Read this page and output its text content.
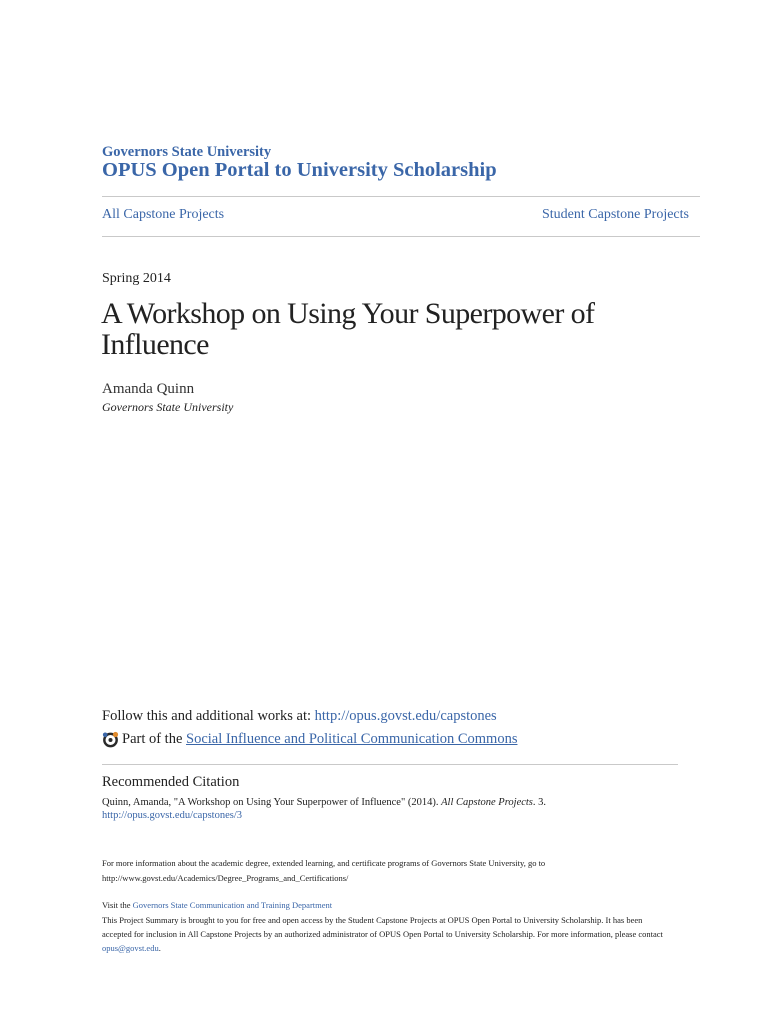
Governors State University
OPUS Open Portal to University Scholarship
All Capstone Projects	Student Capstone Projects
Spring 2014
A Workshop on Using Your Superpower of Influence
Amanda Quinn
Governors State University
Follow this and additional works at: http://opus.govst.edu/capstones
Part of the
Social Influence and Political Communication Commons
Recommended Citation
Quinn, Amanda, "A Workshop on Using Your Superpower of Influence" (2014). All Capstone Projects. 3.
http://opus.govst.edu/capstones/3
For more information about the academic degree, extended learning, and certificate programs of Governors State University, go to
http://www.govst.edu/Academics/Degree_Programs_and_Certifications/
Visit the Governors State Communication and Training Department
This Project Summary is brought to you for free and open access by the Student Capstone Projects at OPUS Open Portal to University Scholarship. It has been accepted for inclusion in All Capstone Projects by an authorized administrator of OPUS Open Portal to University Scholarship. For more information, please contact opus@govst.edu.
